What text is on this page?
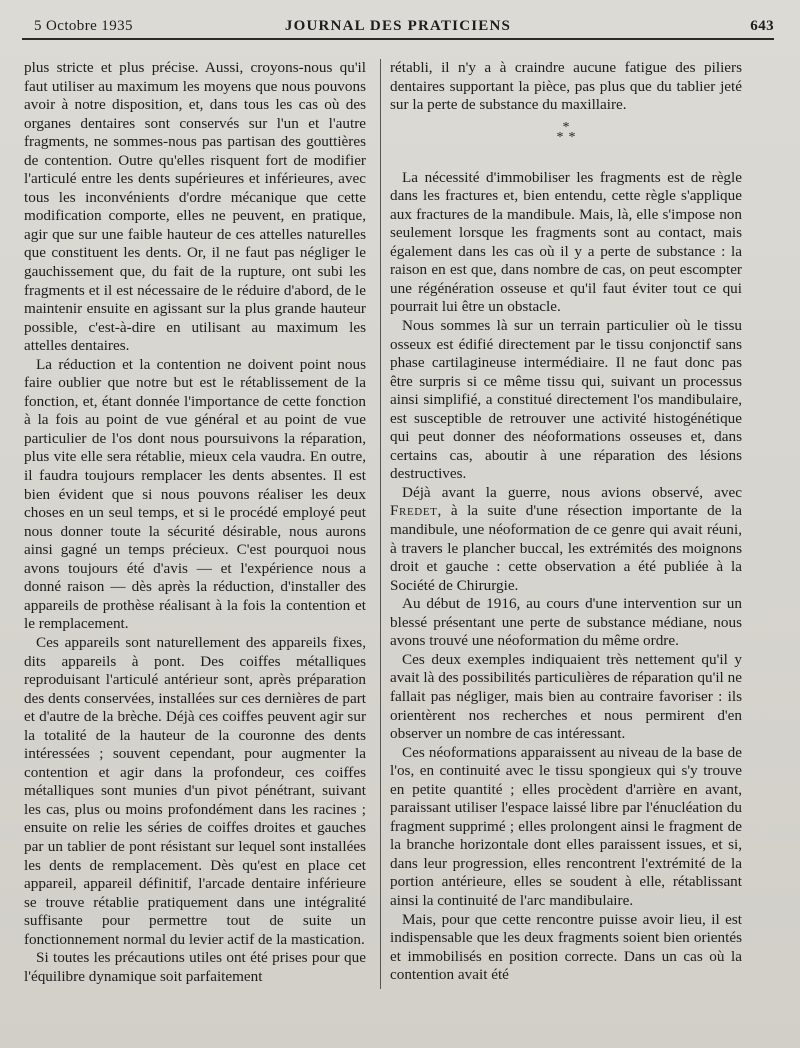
5 Octobre 1935	JOURNAL DES PRATICIENS	643

plus stricte et plus précise. Aussi, croyons-nous qu'il faut utiliser au maximum les moyens que nous pouvons avoir à notre disposition, et, dans tous les cas où des organes dentaires sont conservés sur l'un et l'autre fragments, ne sommes-nous pas partisan des gouttières de contention. Outre qu'elles risquent fort de modifier l'articulé entre les dents supérieures et inférieures, avec tous les inconvénients d'ordre mécanique que cette modification comporte, elles ne peuvent, en pratique, agir que sur une faible hauteur de ces attelles naturelles que constituent les dents. Or, il ne faut pas négliger le gauchissement que, du fait de la rupture, ont subi les fragments et il est nécessaire de le réduire d'abord, de le maintenir ensuite en agissant sur la plus grande hauteur possible, c'est-à-dire en utilisant au maximum les attelles dentaires.

La réduction et la contention ne doivent point nous faire oublier que notre but est le rétablissement de la fonction, et, étant donnée l'importance de cette fonction à la fois au point de vue général et au point de vue particulier de l'os dont nous poursuivons la réparation, plus vite elle sera rétablie, mieux cela vaudra. En outre, il faudra toujours remplacer les dents absentes. Il est bien évident que si nous pouvons réaliser les deux choses en un seul temps, et si le procédé employé peut nous donner toute la sécurité désirable, nous aurons ainsi gagné un temps précieux. C'est pourquoi nous avons toujours été d'avis — et l'expérience nous a donné raison — dès après la réduction, d'installer des appareils de prothèse réalisant à la fois la contention et le remplacement.

Ces appareils sont naturellement des appareils fixes, dits appareils à pont. Des coiffes métalliques reproduisant l'articulé antérieur sont, après préparation des dents conservées, installées sur ces dernières de part et d'autre de la brèche. Déjà ces coiffes peuvent agir sur la totalité de la hauteur de la couronne des dents intéressées ; souvent cependant, pour augmenter la contention et agir dans la profondeur, ces coiffes métalliques sont munies d'un pivot pénétrant, suivant les cas, plus ou moins profondément dans les racines ; ensuite on relie les séries de coiffes droites et gauches par un tablier de pont résistant sur lequel sont installées les dents de remplacement. Dès qu'est en place cet appareil, appareil définitif, l'arcade dentaire inférieure se trouve rétablie pratiquement dans une intégralité suffisante pour permettre tout de suite un fonctionnement normal du levier actif de la mastication.

Si toutes les précautions utiles ont été prises pour que l'équilibre dynamique soit parfaitement

rétabli, il n'y a à craindre aucune fatigue des piliers dentaires supportant la pièce, pas plus que du tablier jeté sur la perte de substance du maxillaire.

*
* *

La nécessité d'immobiliser les fragments est de règle dans les fractures et, bien entendu, cette règle s'applique aux fractures de la mandibule. Mais, là, elle s'impose non seulement lorsque les fragments sont au contact, mais également dans les cas où il y a perte de substance : la raison en est que, dans nombre de cas, on peut escompter une régénération osseuse et qu'il faut éviter tout ce qui pourrait lui être un obstacle.

Nous sommes là sur un terrain particulier où le tissu osseux est édifié directement par le tissu conjonctif sans phase cartilagineuse intermédiaire. Il ne faut donc pas être surpris si ce même tissu qui, suivant un processus ainsi simplifié, a constitué directement l'os mandibulaire, est susceptible de retrouver une activité histogénétique qui peut donner des néoformations osseuses et, dans certains cas, aboutir à une réparation des lésions destructives.

Déjà avant la guerre, nous avions observé, avec Fredet, à la suite d'une résection importante de la mandibule, une néoformation de ce genre qui avait réuni, à travers le plancher buccal, les extrémités des moignons droit et gauche : cette observation a été publiée à la Société de Chirurgie.

Au début de 1916, au cours d'une intervention sur un blessé présentant une perte de substance médiane, nous avons trouvé une néoformation du même ordre.

Ces deux exemples indiquaient très nettement qu'il y avait là des possibilités particulières de réparation qu'il ne fallait pas négliger, mais bien au contraire favoriser : ils orientèrent nos recherches et nous permirent d'en observer un nombre de cas intéressant.

Ces néoformations apparaissent au niveau de la base de l'os, en continuité avec le tissu spongieux qui s'y trouve en petite quantité ; elles procèdent d'arrière en avant, paraissant utiliser l'espace laissé libre par l'énucléation du fragment supprimé ; elles prolongent ainsi le fragment de la branche horizontale dont elles paraissent issues, et si, dans leur progression, elles rencontrent l'extrémité de la portion antérieure, elles se soudent à elle, rétablissant ainsi la continuité de l'arc mandibulaire.

Mais, pour que cette rencontre puisse avoir lieu, il est indispensable que les deux fragments soient bien orientés et immobilisés en position correcte. Dans un cas où la contention avait été
